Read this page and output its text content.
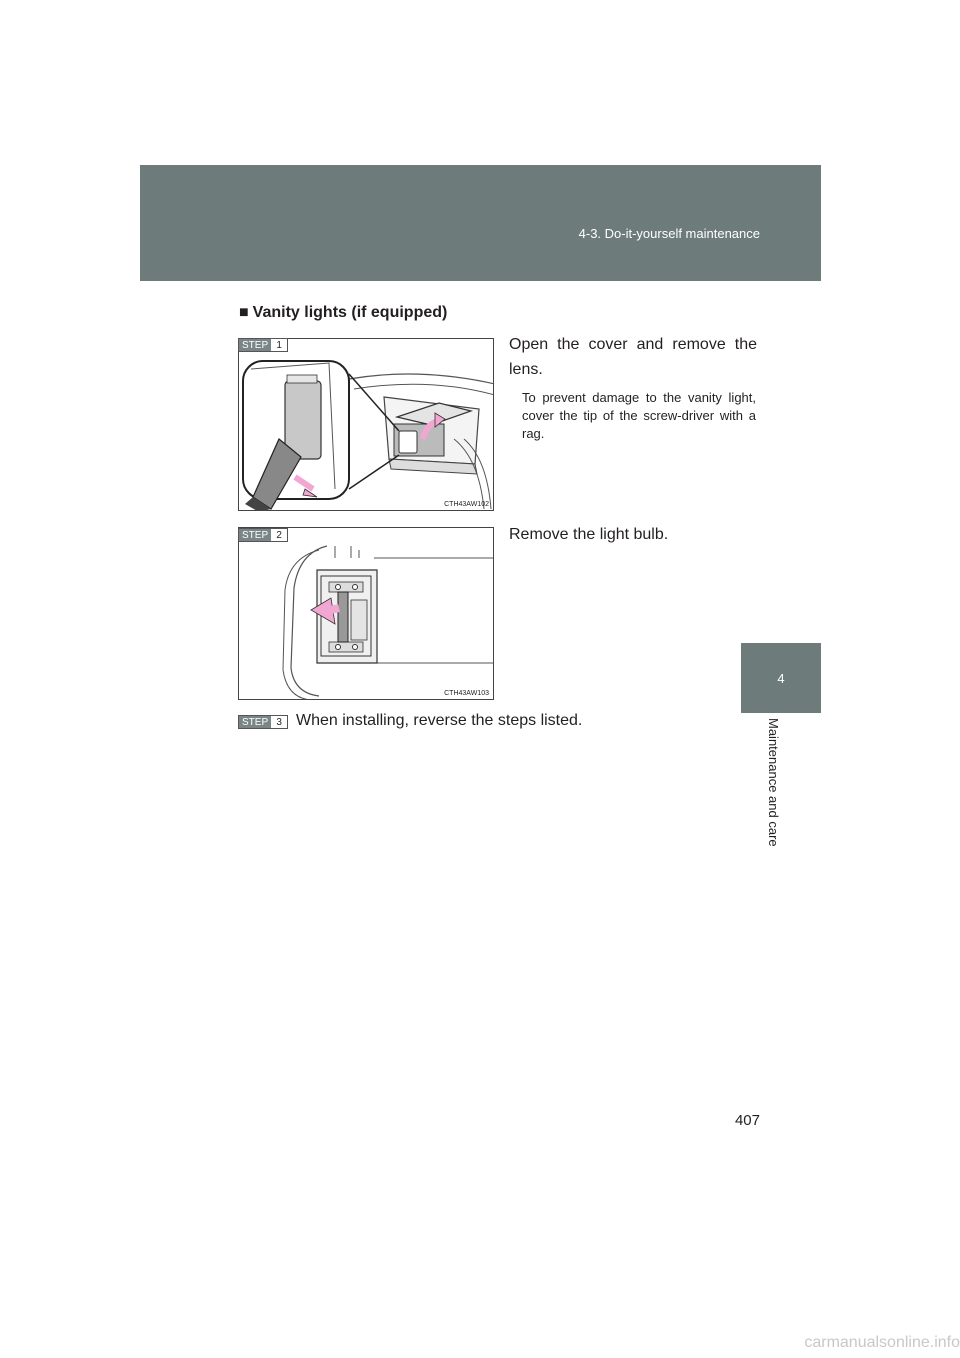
4-3. Do-it-yourself maintenance
4
Maintenance and care
■ Vanity lights (if equipped)
CTH43AW102
STEP 1	Open the cover and remove the lens.
To prevent damage to the vanity light, cover the tip of the screw-driver with a rag.
CTH43AW103
STEP 2	Remove the light bulb.
STEP 3 When installing, reverse the steps listed.
407
carmanualsonline.info
